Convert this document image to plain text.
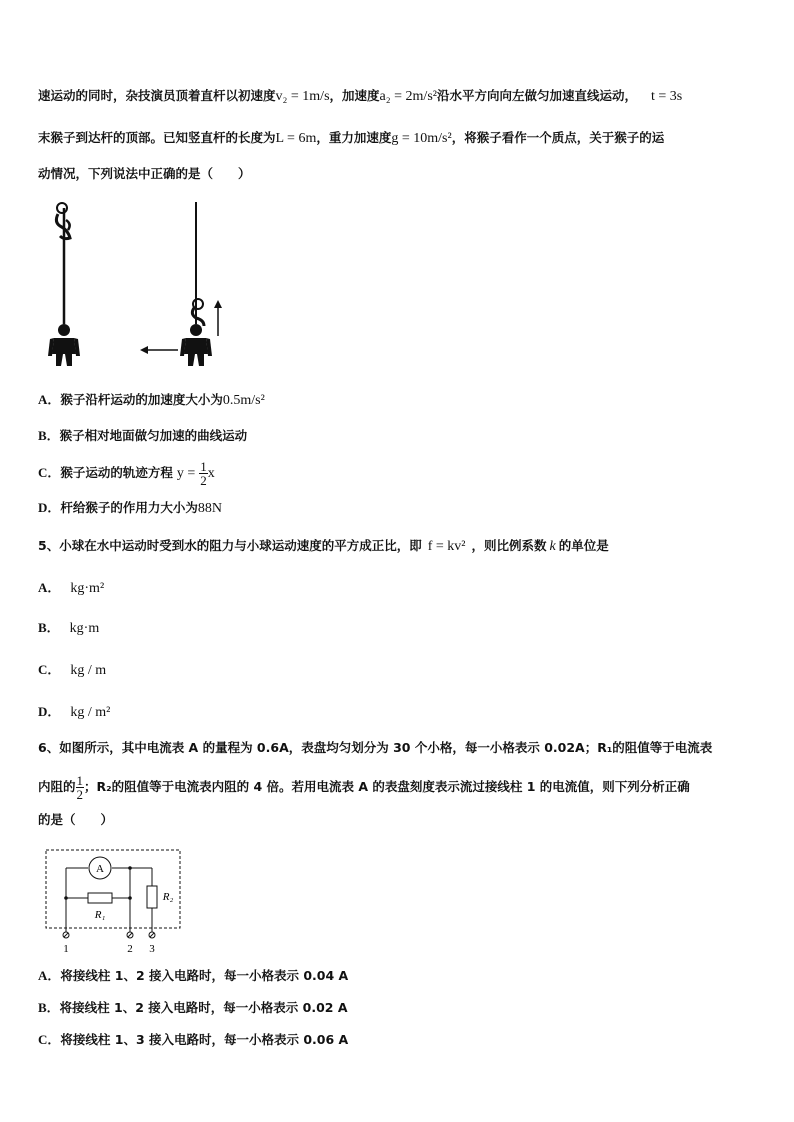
速运动的同时，杂技演员顶着直杆以初速度v₂ = 1m/s，加速度a₂ = 2m/s²沿水平方向向左做匀加速直线运动， t = 3s
末猴子到达杆的顶部。已知竖直杆的长度为L = 6m，重力加速度g = 10m/s²，将猴子看作一个质点，关于猴子的运
动情况，下列说法中正确的是（　　）
A．猴子沿杆运动的加速度大小为0.5m/s²
B．猴子相对地面做匀加速的曲线运动
C．猴子运动的轨迹方程 $y = \frac{1}{2}$ x
D．杆给猴子的作用力大小为88N
5、小球在水中运动时受到水的阻力与小球运动速度的平方成正比，即 f = kv² ，则比例系数 k 的单位是
A． kg·m²
B． kg·m
C． kg / m
D． kg / m²
6、如图所示，其中电流表 A 的量程为 0.6A，表盘均匀划分为 30 个小格，每一小格表示 0.02A；R₁的阻值等于电流表
内阻的 $\frac{1}{2}$ ；R₂的阻值等于电流表内阻的 4 倍。若用电流表 A 的表盘刻度表示流过接线柱 1 的电流值，则下列分析正确
的是（　　）
A
R₁
R₂
1	2 3
A．将接线柱 1、2 接入电路时，每一小格表示 0.04 A
B．将接线柱 1、2 接入电路时，每一小格表示 0.02 A
C．将接线柱 1、3 接入电路时，每一小格表示 0.06 A
